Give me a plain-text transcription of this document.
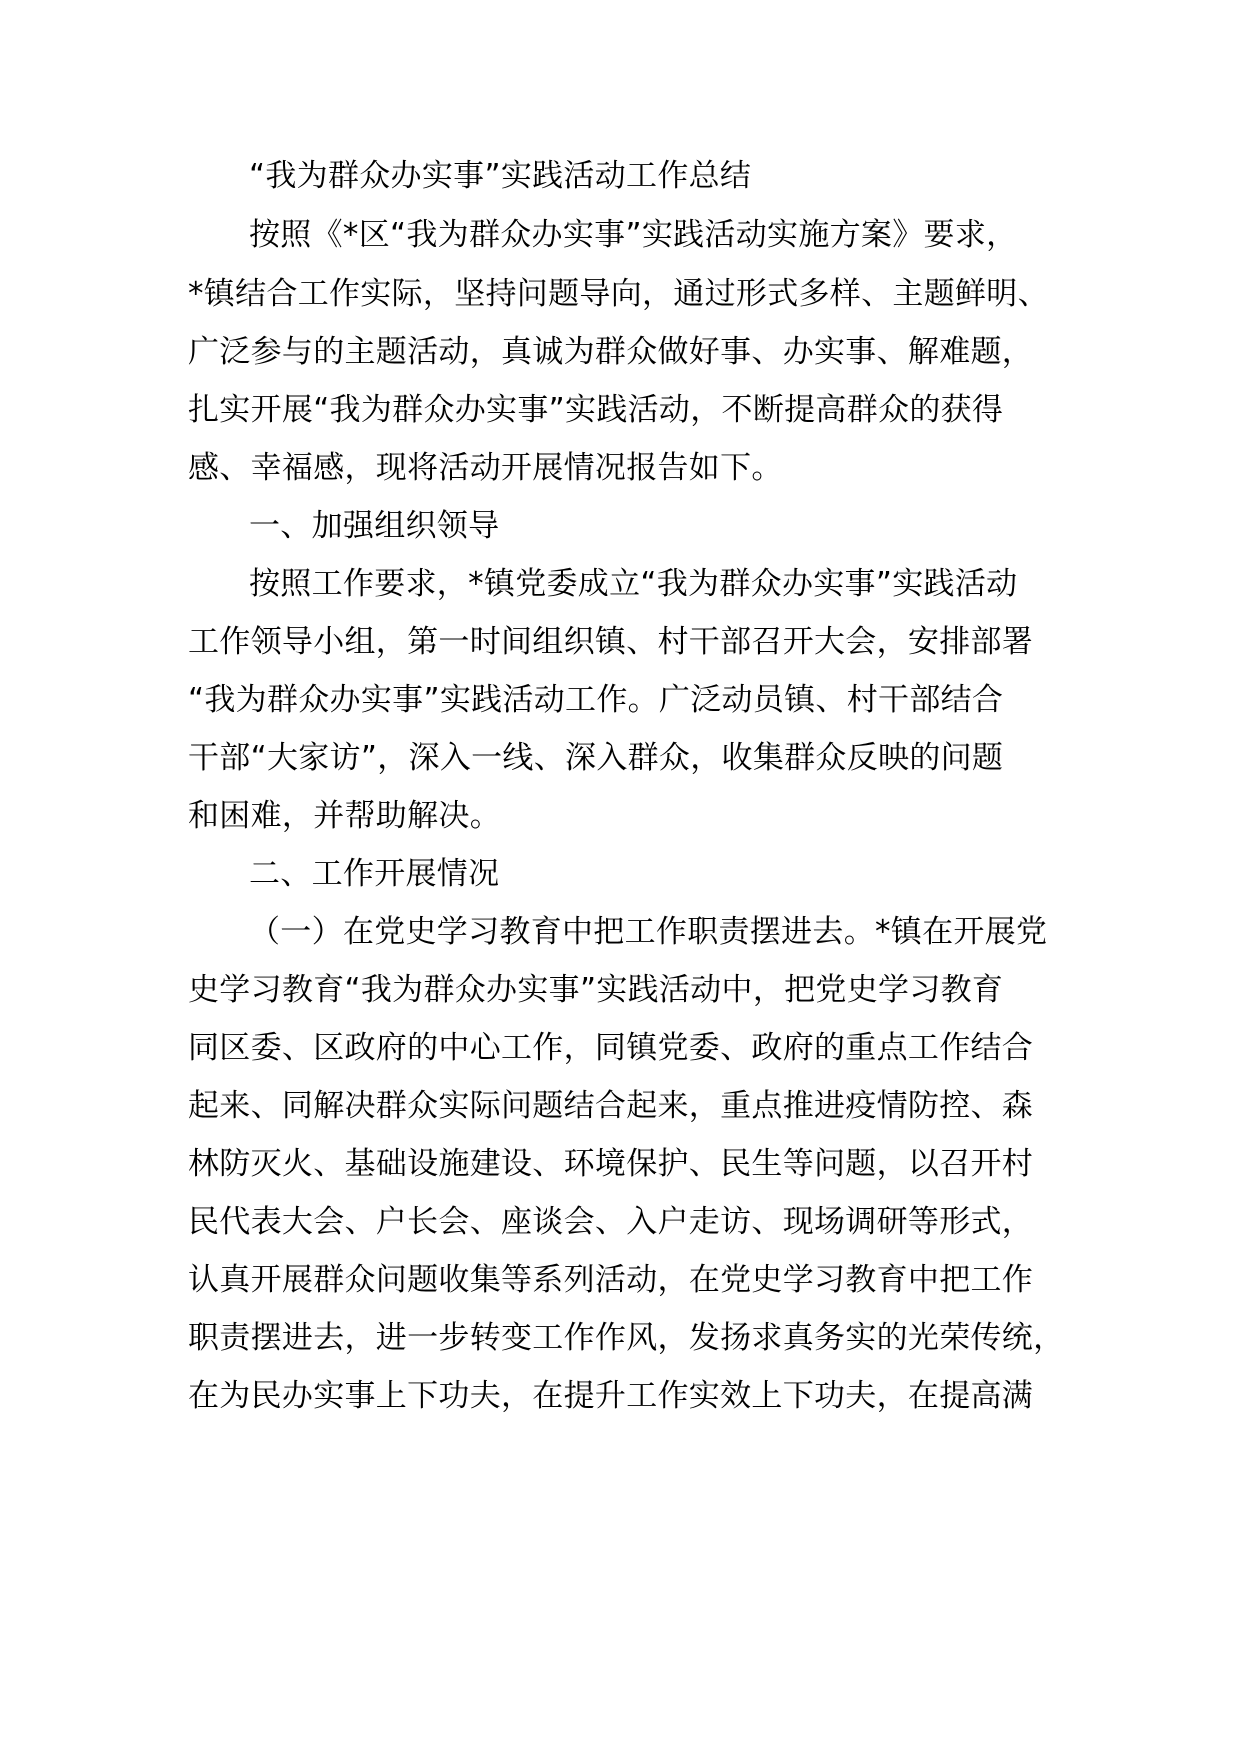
“我为群众办实事”实践活动工作总结

按照《*区“我为群众办实事”实践活动实施方案》要求，

*镇结合工作实际，坚持问题导向，通过形式多样、主题鲜明、

广泛参与的主题活动，真诚为群众做好事、办实事、解难题，

扎实开展“我为群众办实事”实践活动，不断提高群众的获得

感、幸福感，现将活动开展情况报告如下。

一、加强组织领导

按照工作要求，*镇党委成立“我为群众办实事”实践活动

工作领导小组，第一时间组织镇、村干部召开大会，安排部署

“我为群众办实事”实践活动工作。广泛动员镇、村干部结合

干部“大家访”，深入一线、深入群众，收集群众反映的问题

和困难，并帮助解决。

二、工作开展情况

（一）在党史学习教育中把工作职责摆进去。*镇在开展党

史学习教育“我为群众办实事”实践活动中，把党史学习教育

同区委、区政府的中心工作，同镇党委、政府的重点工作结合

起来、同解决群众实际问题结合起来，重点推进疫情防控、森

林防灭火、基础设施建设、环境保护、民生等问题，以召开村

民代表大会、户长会、座谈会、入户走访、现场调研等形式，

认真开展群众问题收集等系列活动，在党史学习教育中把工作

职责摆进去，进一步转变工作作风，发扬求真务实的光荣传统，

在为民办实事上下功夫，在提升工作实效上下功夫，在提高满
